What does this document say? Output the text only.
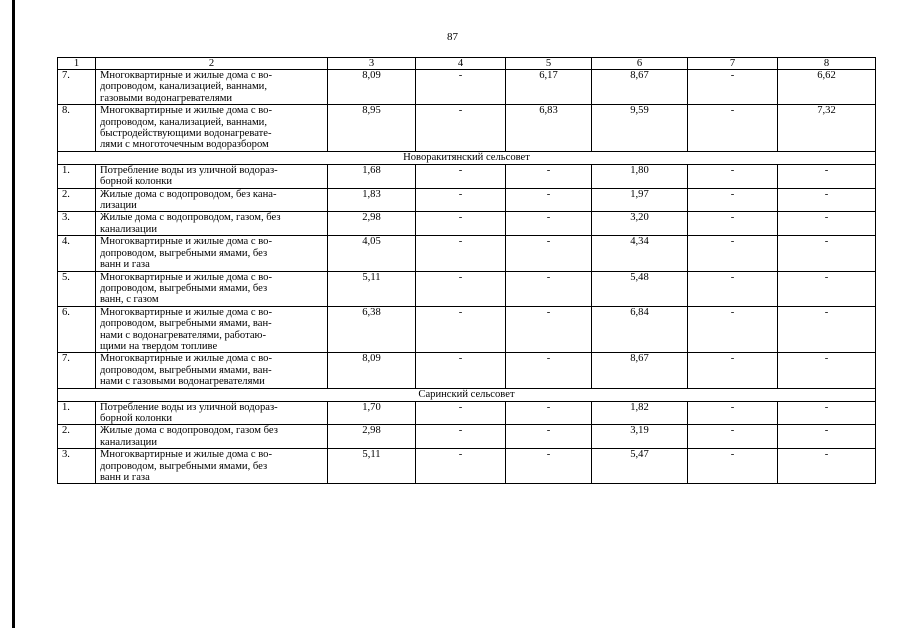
87
1	2	3	4	5	6	7	8
7.	Многоквартирные и жилые дома с во-
допроводом, канализацией, ваннами,
газовыми водонагревателями	8,09	-	6,17	8,67	-	6,62
8.	Многоквартирные и жилые дома с во-
допроводом, канализацией, ваннами,
быстродействующими водонагревате-
лями с многоточечным водоразбором	8,95	-	6,83	9,59	-	7,32
Новоракитянский сельсовет							
1.	Потребление воды из уличной водораз-
борной колонки	1,68	-	-	1,80	-	-
2.	Жилые дома с водопроводом, без кана-
лизации	1,83	-	-	1,97	-	-
3.	Жилые дома с водопроводом, газом, без
канализации	2,98	-	-	3,20	-	-
4.	Многоквартирные и жилые дома с во-
допроводом, выгребными ямами, без
ванн и газа	4,05	-	-	4,34	-	-
5.	Многоквартирные и жилые дома с во-
допроводом, выгребными ямами, без
ванн, с газом	5,11	-	-	5,48	-	-
6.	Многоквартирные и жилые дома с во-
допроводом, выгребными ямами, ван-
нами с водонагревателями, работаю-
щими на твердом топливе	6,38	-	-	6,84	-	-
7.	Многоквартирные и жилые дома с во-
допроводом, выгребными ямами, ван-
нами с газовыми водонагревателями	8,09	-	-	8,67	-	-
Саринский сельсовет							
1.	Потребление воды из уличной водораз-
борной колонки	1,70	-	-	1,82	-	-
2.	Жилые дома с водопроводом, газом без
канализации	2,98	-	-	3,19	-	-
3.	Многоквартирные и жилые дома с во-
допроводом, выгребными ямами, без
ванн и газа	5,11	-	-	5,47	-	-
